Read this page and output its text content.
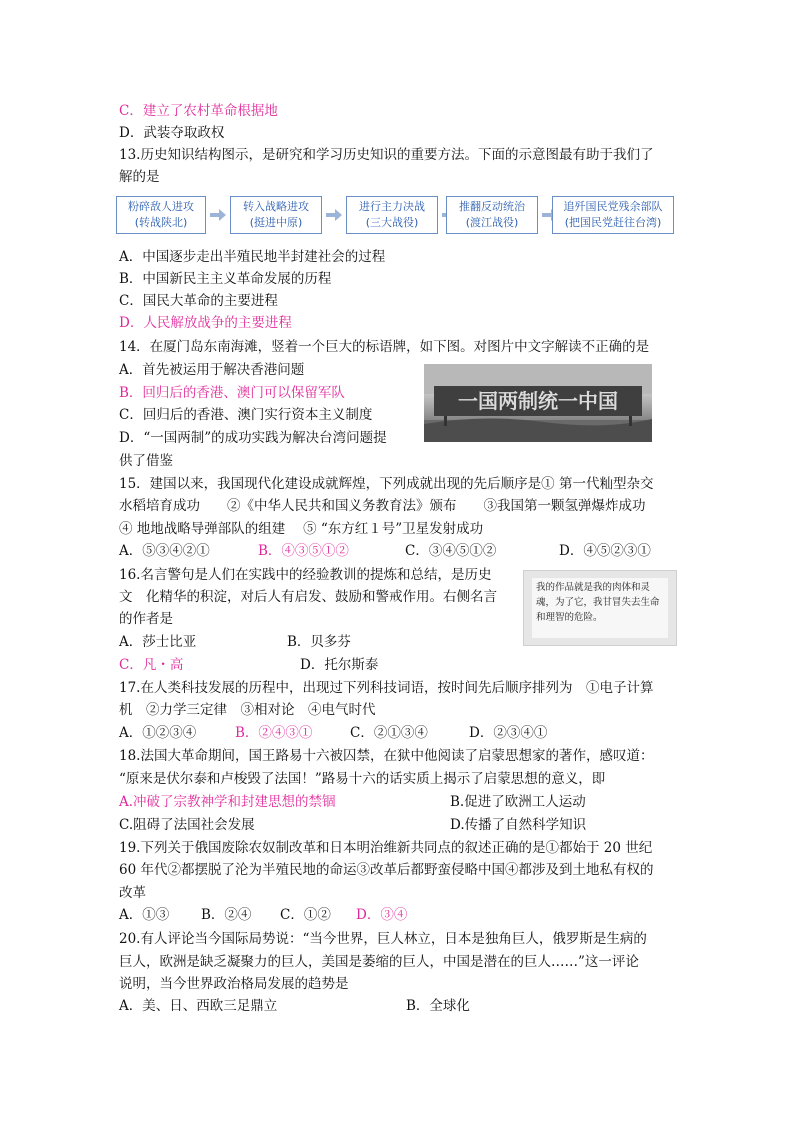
C．建立了农村革命根据地

D．武装夺取政权

13.历史知识结构图示，是研究和学习历史知识的重要方法。下面的示意图最有助于我们了

解的是

粉碎敌人进攻
(转战陕北)
转入战略进攻
(挺进中原)
进行主力决战
(三大战役)
推翻反动统治
(渡江战役)
追歼国民党残余部队
(把国民党赶往台湾)

A．中国逐步走出半殖民地半封建社会的过程

B．中国新民主主义革命发展的历程

C．国民大革命的主要进程

D．人民解放战争的主要进程

14．在厦门岛东南海滩，竖着一个巨大的标语牌，如下图。对图片中文字解读不正确的是

A．首先被运用于解决香港问题

B．回归后的香港、澳门可以保留军队

C．回归后的香港、澳门实行资本主义制度

D．“一国两制”的成功实践为解决台湾问题提

供了借鉴

一国两制统一中国

15．建国以来，我国现代化建设成就辉煌，下列成就出现的先后顺序是① 第一代籼型杂交

水稻培育成功　　②《中华人民共和国义务教育法》颁布　　③我国第一颗氢弹爆炸成功

④ 地地战略导弹部队的组建　 ⑤ “东方红１号”卫星发射成功

A．⑤③④②①	B．④③⑤①②	C．③④⑤①②	D．④⑤②③①

16.名言警句是人们在实践中的经验教训的提炼和总结，是历史

文　化精华的积淀，对后人有启发、鼓励和警戒作用。右侧名言

的作者是

A．莎士比亚	B．贝多芬
C．凡・高	D．托尔斯泰
我的作品就是我的肉体和灵魂，为了它，我甘冒失去生命和理智的危险。

17.在人类科技发展的历程中，出现过下列科技词语，按时间先后顺序排列为　①电子计算

机　②力学三定律　③相对论　④电气时代

A．①②③④	B．②④③①	C．②①③④	D．②③④①

18.法国大革命期间，国王路易十六被囚禁，在狱中他阅读了启蒙思想家的著作，感叹道：

“原来是伏尔泰和卢梭毁了法国！”路易十六的话实质上揭示了启蒙思想的意义，即

A.冲破了宗教神学和封建思想的禁锢	B.促进了欧洲工人运动
C.阻碍了法国社会发展	D.传播了自然科学知识

19.下列关于俄国废除农奴制改革和日本明治维新共同点的叙述正确的是①都始于 20 世纪

60 年代②都摆脱了沦为半殖民地的命运③改革后都野蛮侵略中国④都涉及到土地私有权的

改革

A．①③ B．②④ C．①② D．③④

20.有人评论当今国际局势说：“当今世界，巨人林立，日本是独角巨人，俄罗斯是生病的

巨人，欧洲是缺乏凝聚力的巨人，美国是萎缩的巨人，中国是潜在的巨人……”这一评论

说明，当今世界政治格局发展的趋势是

A．美、日、西欧三足鼎立	B．全球化
